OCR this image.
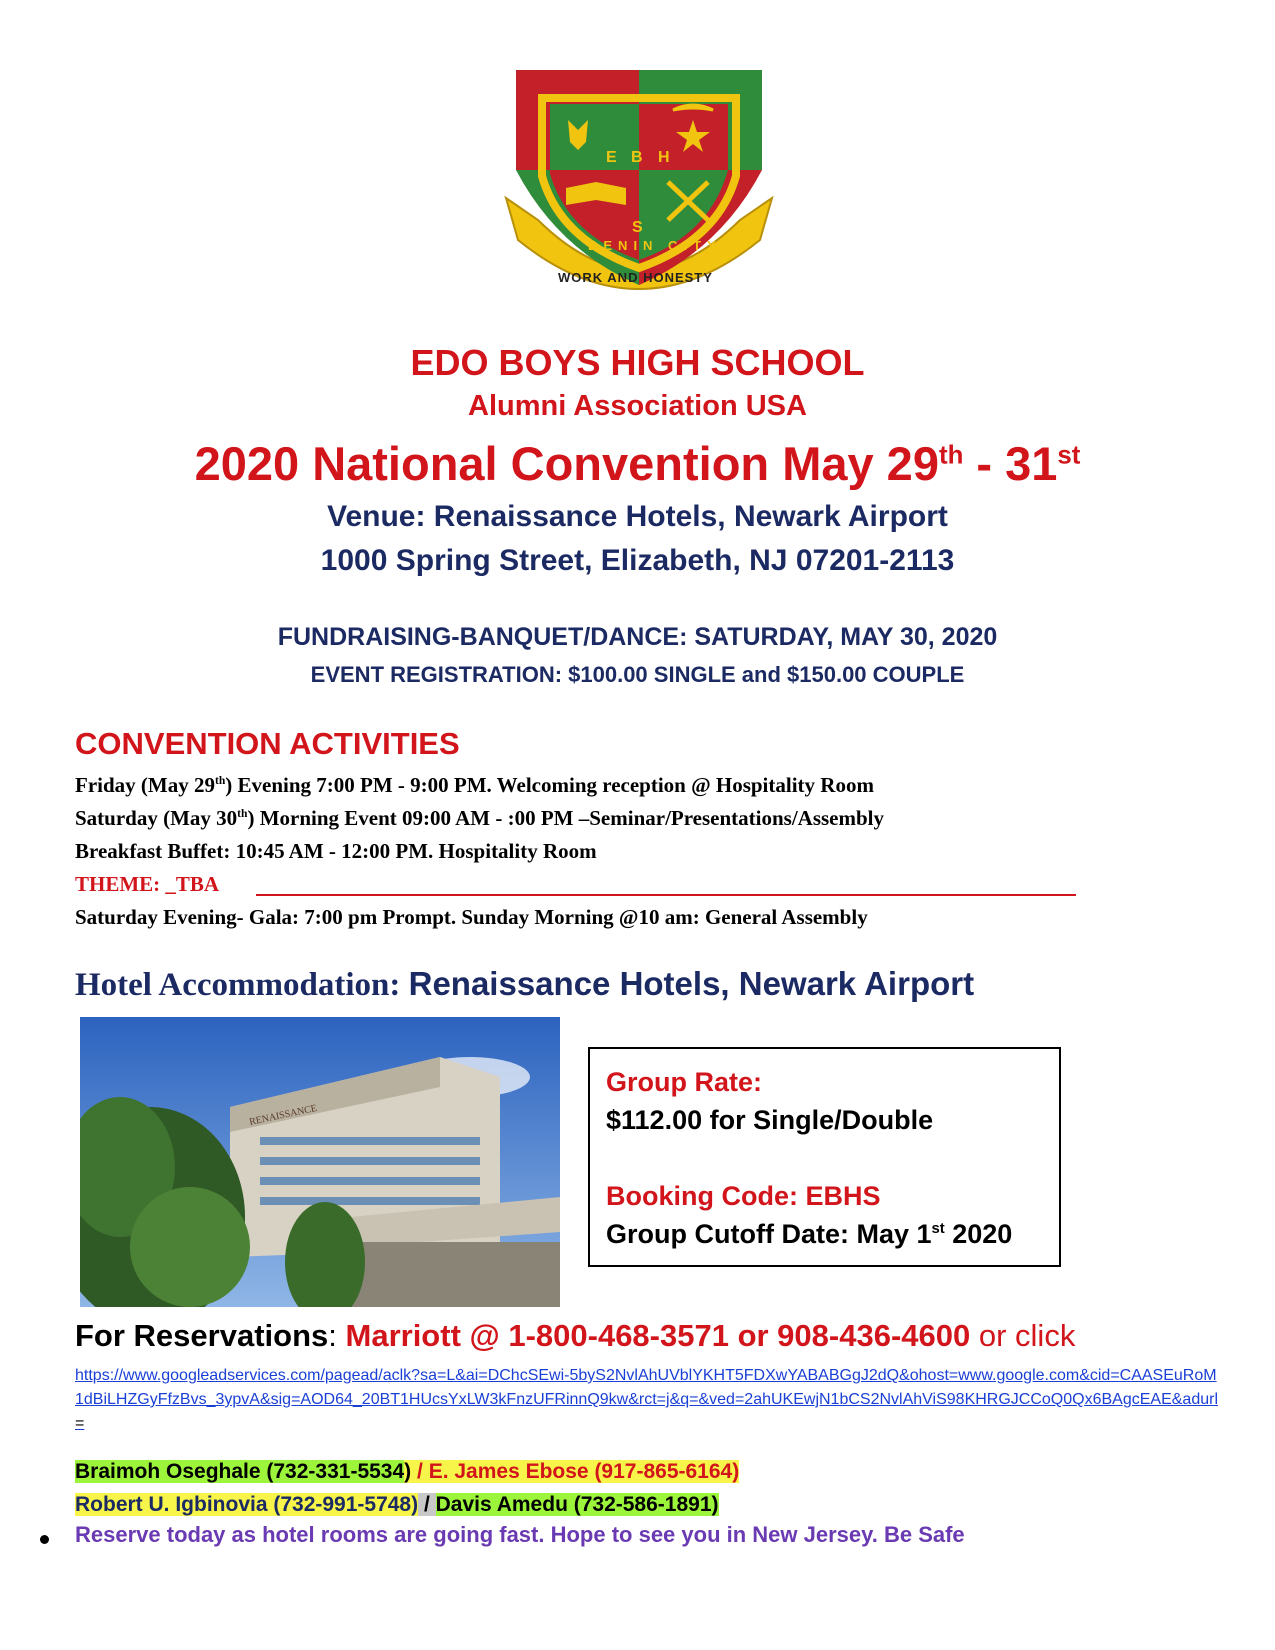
E B H
S
BENIN CITY
WORK AND HONESTY
EDO BOYS HIGH SCHOOL
Alumni Association USA
2020 National Convention May 29th - 31st
Venue: Renaissance Hotels, Newark Airport
1000 Spring Street, Elizabeth, NJ 07201-2113
FUNDRAISING-BANQUET/DANCE: SATURDAY, MAY 30, 2020
EVENT REGISTRATION: $100.00 SINGLE and $150.00 COUPLE
CONVENTION ACTIVITIES
Friday (May 29th) Evening 7:00 PM - 9:00 PM. Welcoming reception @ Hospitality Room
Saturday (May 30th) Morning Event 09:00 AM - :00 PM –Seminar/Presentations/Assembly
Breakfast Buffet: 10:45 AM - 12:00 PM. Hospitality Room
THEME: _TBA
Saturday Evening- Gala: 7:00 pm Prompt. Sunday Morning @10 am: General Assembly
Hotel Accommodation: Renaissance Hotels, Newark Airport
RENAISSANCE
Group Rate:
$112.00 for Single/Double
Booking Code: EBHS
Group Cutoff Date: May 1st 2020
For Reservations: Marriott @ 1-800-468-3571 or 908-436-4600 or click
https://www.googleadservices.com/pagead/aclk?sa=L&ai=DChcSEwi-5byS2NvlAhUVblYKHT5FDXwYABABGgJ2dQ&ohost=www.google.com&cid=CAASEuRoM1dBiLHZGyFfzBvs_3ypvA&sig=AOD64_20BT1HUcsYxLW3kFnzUFRinnQ9kw&rct=j&q=&ved=2ahUKEwjN1bCS2NvlAhViS98KHRGJCCoQ0Qx6BAgcEAE&adurl=
Braimoh Oseghale (732-331-5534) / E. James Ebose (917-865-6164)
Robert U. Igbinovia (732-991-5748) / Davis Amedu (732-586-1891)
Reserve today as hotel rooms are going fast. Hope to see you in New Jersey. Be Safe
